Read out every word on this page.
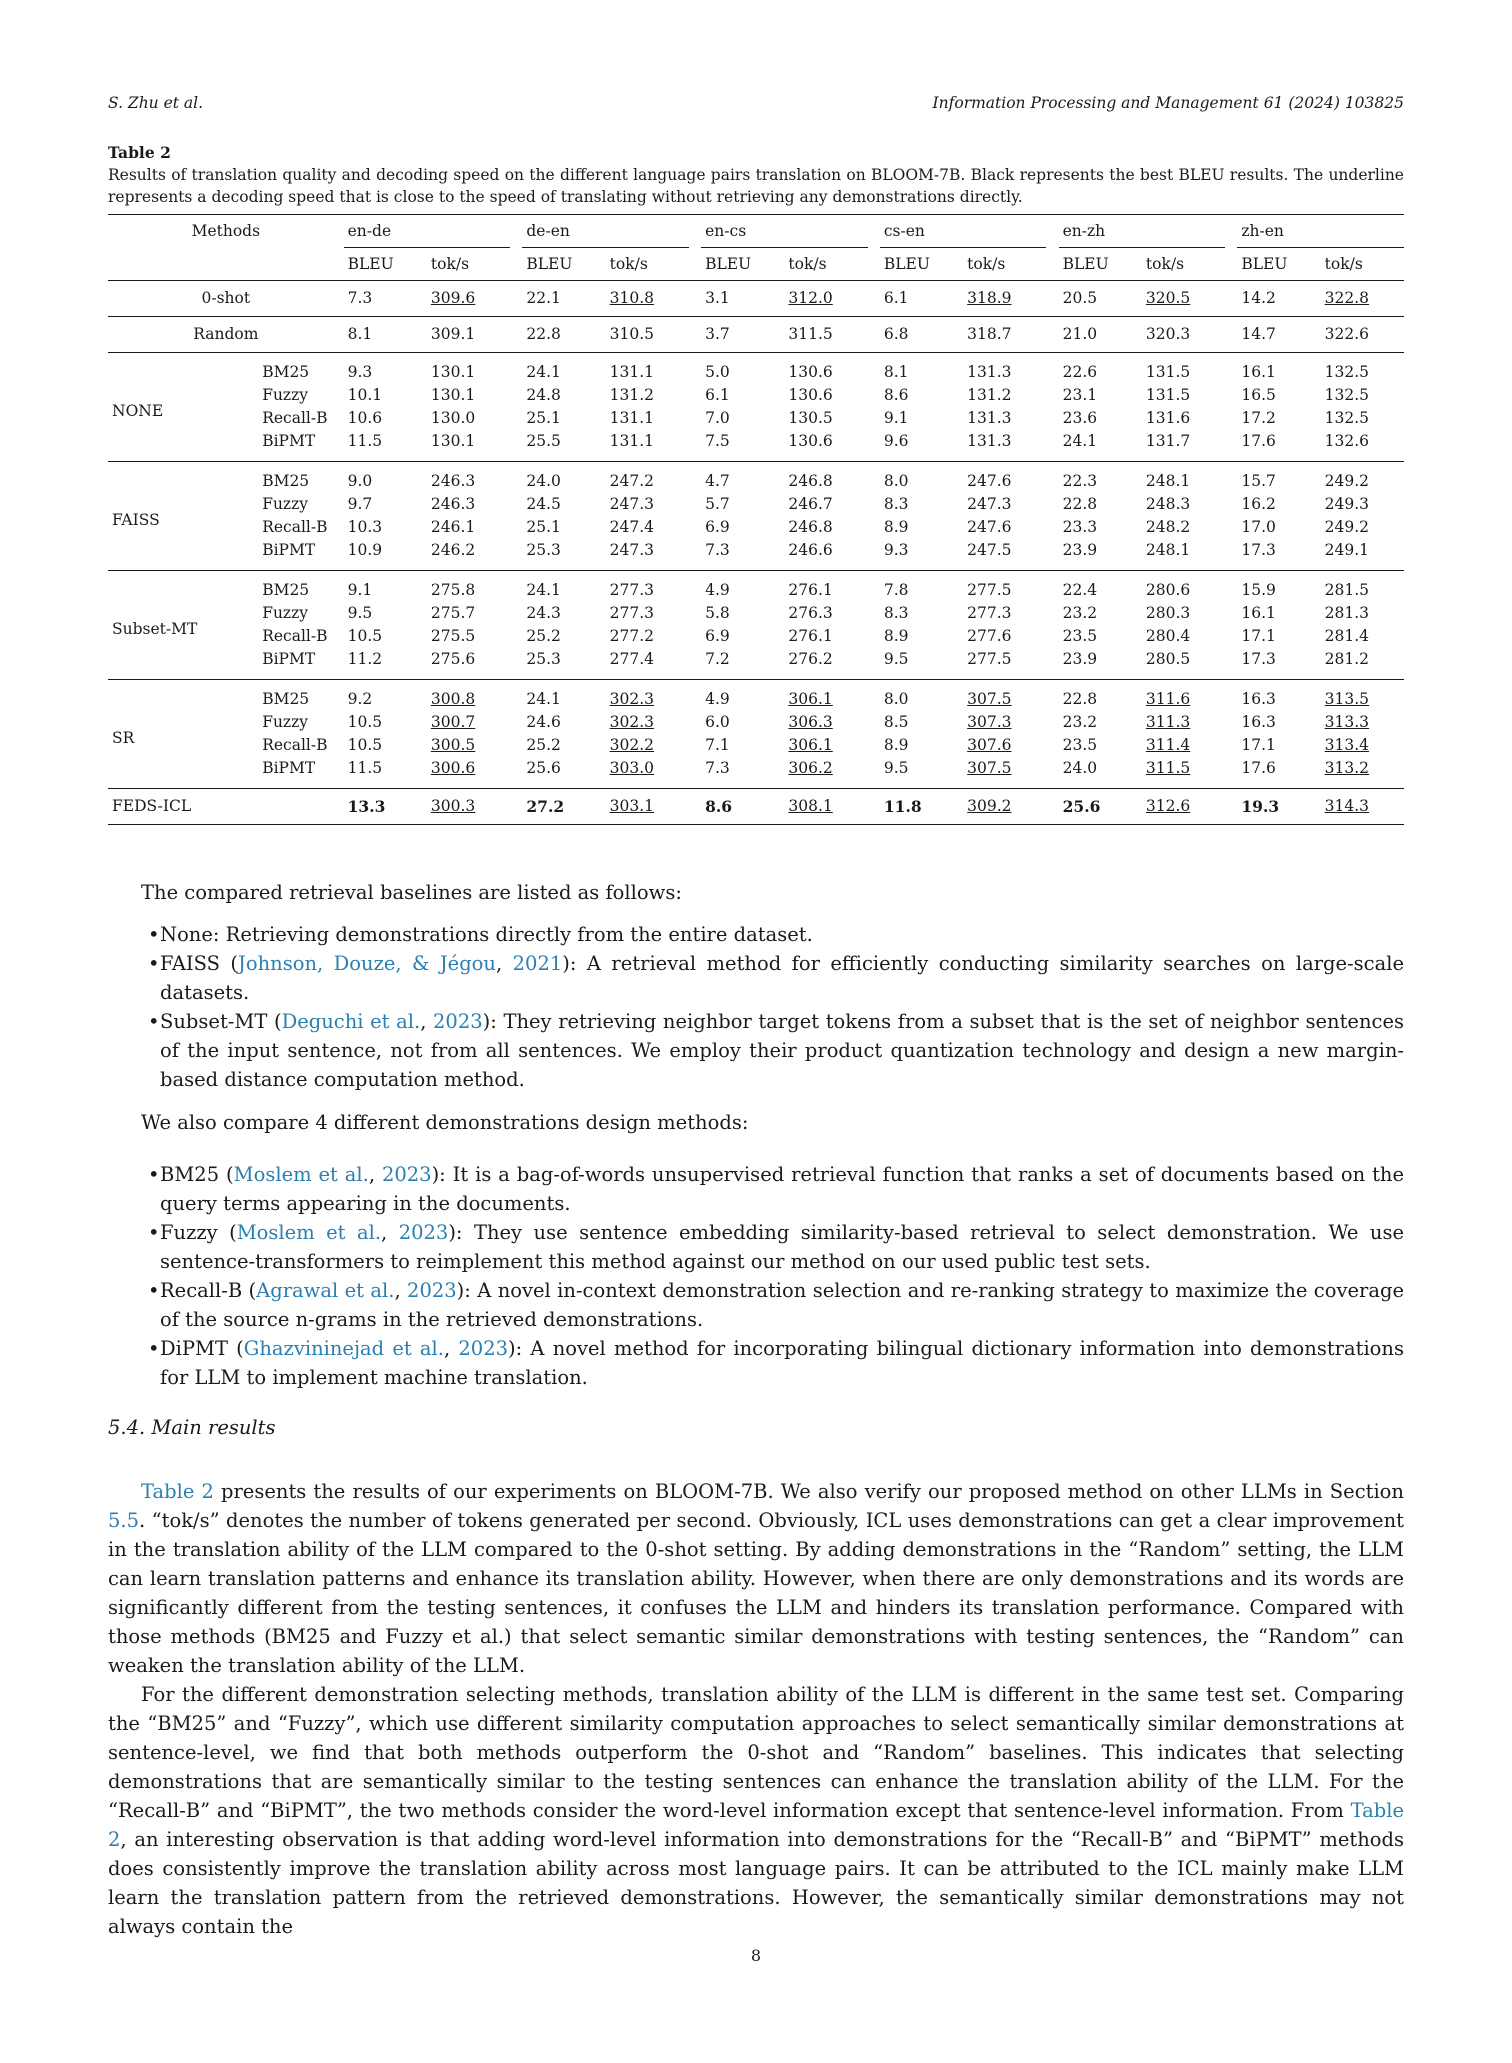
S. Zhu et al.	Information Processing and Management 61 (2024) 103825
Table 2
Results of translation quality and decoding speed on the different language pairs translation on BLOOM-7B. Black represents the best BLEU results. The underline represents a decoding speed that is close to the speed of translating without retrieving any demonstrations directly.
Methods		en-de			de-en			en-cs			cs-en			en-zh			zh-en	
		BLEU	tok/s		BLEU	tok/s		BLEU	tok/s		BLEU	tok/s		BLEU	tok/s		BLEU	tok/s
0-shot		7.3	309.6		22.1	310.8		3.1	312.0		6.1	318.9		20.5	320.5		14.2	322.8
Random		8.1	309.1		22.8	310.5		3.7	311.5		6.8	318.7		21.0	320.3		14.7	322.6
NONE	BM25	9.3	130.1		24.1	131.1		5.0	130.6		8.1	131.3		22.6	131.5		16.1	132.5
	Fuzzy	10.1	130.1		24.8	131.2		6.1	130.6		8.6	131.2		23.1	131.5		16.5	132.5
	Recall-B	10.6	130.0		25.1	131.1		7.0	130.5		9.1	131.3		23.6	131.6		17.2	132.5
	BiPMT	11.5	130.1		25.5	131.1		7.5	130.6		9.6	131.3		24.1	131.7		17.6	132.6
FAISS	BM25	9.0	246.3		24.0	247.2		4.7	246.8		8.0	247.6		22.3	248.1		15.7	249.2
	Fuzzy	9.7	246.3		24.5	247.3		5.7	246.7		8.3	247.3		22.8	248.3		16.2	249.3
	Recall-B	10.3	246.1		25.1	247.4		6.9	246.8		8.9	247.6		23.3	248.2		17.0	249.2
	BiPMT	10.9	246.2		25.3	247.3		7.3	246.6		9.3	247.5		23.9	248.1		17.3	249.1
Subset-MT	BM25	9.1	275.8		24.1	277.3		4.9	276.1		7.8	277.5		22.4	280.6		15.9	281.5
	Fuzzy	9.5	275.7		24.3	277.3		5.8	276.3		8.3	277.3		23.2	280.3		16.1	281.3
	Recall-B	10.5	275.5		25.2	277.2		6.9	276.1		8.9	277.6		23.5	280.4		17.1	281.4
	BiPMT	11.2	275.6		25.3	277.4		7.2	276.2		9.5	277.5		23.9	280.5		17.3	281.2
SR	BM25	9.2	300.8		24.1	302.3		4.9	306.1		8.0	307.5		22.8	311.6		16.3	313.5
	Fuzzy	10.5	300.7		24.6	302.3		6.0	306.3		8.5	307.3		23.2	311.3		16.3	313.3
	Recall-B	10.5	300.5		25.2	302.2		7.1	306.1		8.9	307.6		23.5	311.4		17.1	313.4
	BiPMT	11.5	300.6		25.6	303.0		7.3	306.2		9.5	307.5		24.0	311.5		17.6	313.2
FEDS-ICL		13.3	300.3		27.2	303.1		8.6	308.1		11.8	309.2		25.6	312.6		19.3	314.3

The compared retrieval baselines are listed as follows:

• None: Retrieving demonstrations directly from the entire dataset.
• FAISS (Johnson, Douze, & Jégou, 2021): A retrieval method for efficiently conducting similarity searches on large-scale datasets.
• Subset-MT (Deguchi et al., 2023): They retrieving neighbor target tokens from a subset that is the set of neighbor sentences of the input sentence, not from all sentences. We employ their product quantization technology and design a new margin-based distance computation method.

We also compare 4 different demonstrations design methods:

• BM25 (Moslem et al., 2023): It is a bag-of-words unsupervised retrieval function that ranks a set of documents based on the query terms appearing in the documents.
• Fuzzy (Moslem et al., 2023): They use sentence embedding similarity-based retrieval to select demonstration. We use sentence-transformers to reimplement this method against our method on our used public test sets.
• Recall-B (Agrawal et al., 2023): A novel in-context demonstration selection and re-ranking strategy to maximize the coverage of the source n-grams in the retrieved demonstrations.
• DiPMT (Ghazvininejad et al., 2023): A novel method for incorporating bilingual dictionary information into demonstrations for LLM to implement machine translation.
5.4. Main results

Table 2 presents the results of our experiments on BLOOM-7B. We also verify our proposed method on other LLMs in Section 5.5. “tok/s” denotes the number of tokens generated per second. Obviously, ICL uses demonstrations can get a clear improvement in the translation ability of the LLM compared to the 0-shot setting. By adding demonstrations in the “Random” setting, the LLM can learn translation patterns and enhance its translation ability. However, when there are only demonstrations and its words are significantly different from the testing sentences, it confuses the LLM and hinders its translation performance. Compared with those methods (BM25 and Fuzzy et al.) that select semantic similar demonstrations with testing sentences, the “Random” can weaken the translation ability of the LLM.

For the different demonstration selecting methods, translation ability of the LLM is different in the same test set. Comparing the “BM25” and “Fuzzy”, which use different similarity computation approaches to select semantically similar demonstrations at sentence-level, we find that both methods outperform the 0-shot and “Random” baselines. This indicates that selecting demonstrations that are semantically similar to the testing sentences can enhance the translation ability of the LLM. For the “Recall-B” and “BiPMT”, the two methods consider the word-level information except that sentence-level information. From Table 2, an interesting observation is that adding word-level information into demonstrations for the “Recall-B” and “BiPMT” methods does consistently improve the translation ability across most language pairs. It can be attributed to the ICL mainly make LLM learn the translation pattern from the retrieved demonstrations. However, the semantically similar demonstrations may not always contain the

8
